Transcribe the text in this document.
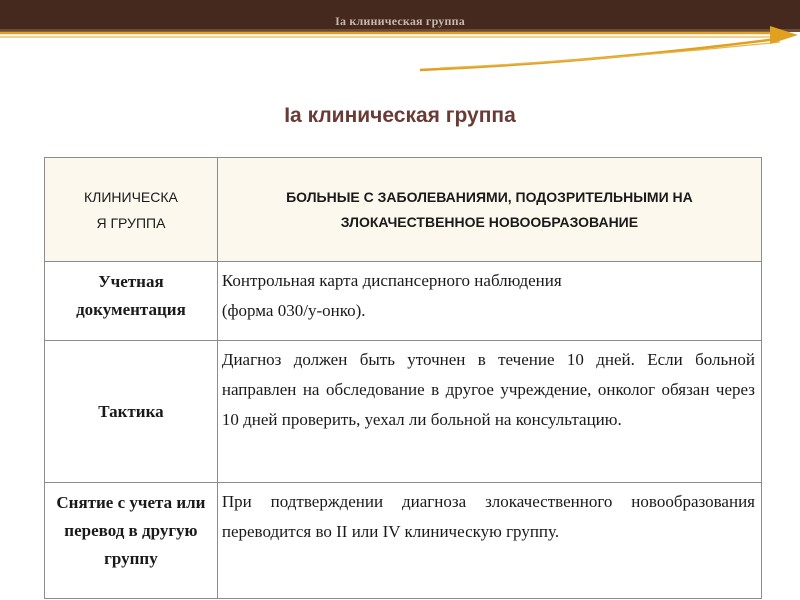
Ia клиническая группа
Ia клиническая группа
КЛИНИЧЕСКА
Я ГРУППА	БОЛЬНЫЕ С ЗАБОЛЕВАНИЯМИ, ПОДОЗРИТЕЛЬНЫМИ НА ЗЛОКАЧЕСТВЕННОЕ НОВООБРАЗОВАНИЕ
Учетная документация	Контрольная карта диспансерного наблюдения

(форма 030/у-онко).

Тактика	Диагноз должен быть уточнен в течение 10 дней. Если больной направлен на обследование в другое учреждение, онколог обязан через 10 дней проверить, уехал ли больной на консультацию.
Снятие с учета или перевод в другую группу	При подтверждении диагноза злокачественного новообразования переводится во II или IV клиническую группу.
